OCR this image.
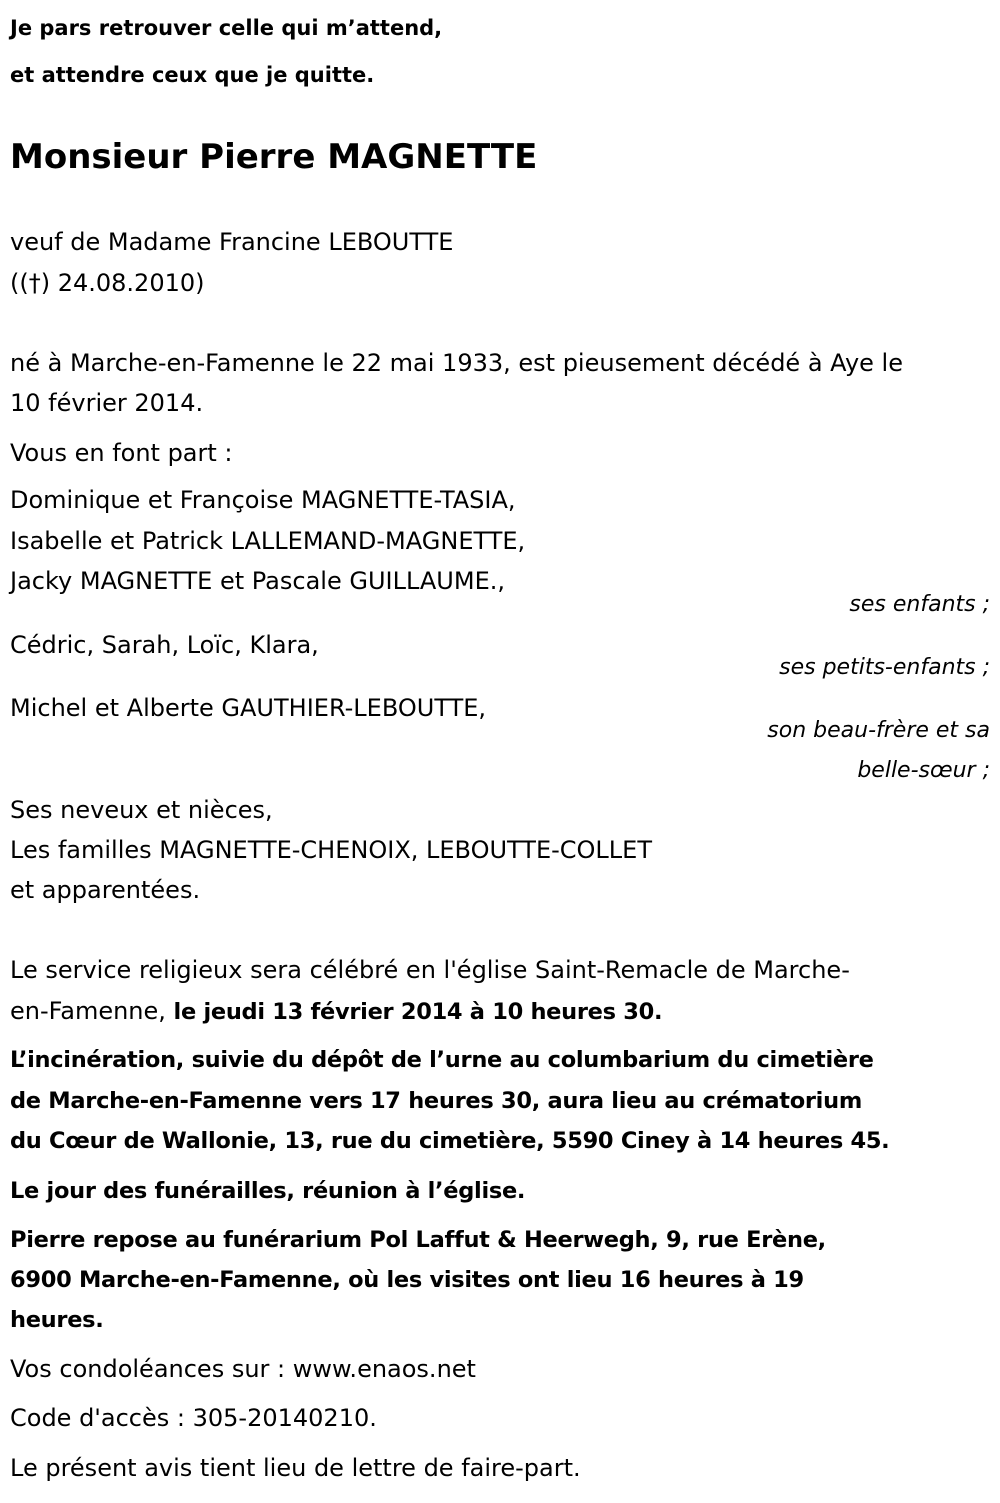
Je pars retrouver celle qui m’attend,
et attendre ceux que je quitte.
Monsieur Pierre MAGNETTE
veuf de Madame Francine LEBOUTTE
((†) 24.08.2010)
né à Marche-en-Famenne le 22 mai 1933, est pieusement décédé à Aye le
10 février 2014.
Vous en font part :
Dominique et Françoise MAGNETTE-TASIA,
Isabelle et Patrick LALLEMAND-MAGNETTE,
Jacky MAGNETTE et Pascale GUILLAUME.,
ses enfants ;
Cédric, Sarah, Loïc, Klara,
ses petits-enfants ;
Michel et Alberte GAUTHIER-LEBOUTTE,
son beau-frère et sa
belle-sœur ;
Ses neveux et nièces,
Les familles MAGNETTE-CHENOIX, LEBOUTTE-COLLET
et apparentées.
Le service religieux sera célébré en l'église Saint-Remacle de Marche-
en-Famenne, le jeudi 13 février 2014 à 10 heures 30.
L’incinération, suivie du dépôt de l’urne au columbarium du cimetière
de Marche-en-Famenne vers 17 heures 30, aura lieu au crématorium
du Cœur de Wallonie, 13, rue du cimetière, 5590 Ciney à 14 heures 45.
Le jour des funérailles, réunion à l’église.
Pierre repose au funérarium Pol Laffut & Heerwegh, 9, rue Erène,
6900 Marche-en-Famenne, où les visites ont lieu 16 heures à 19
heures.
Vos condoléances sur : www.enaos.net
Code d'accès : 305-20140210.
Le présent avis tient lieu de lettre de faire-part.
